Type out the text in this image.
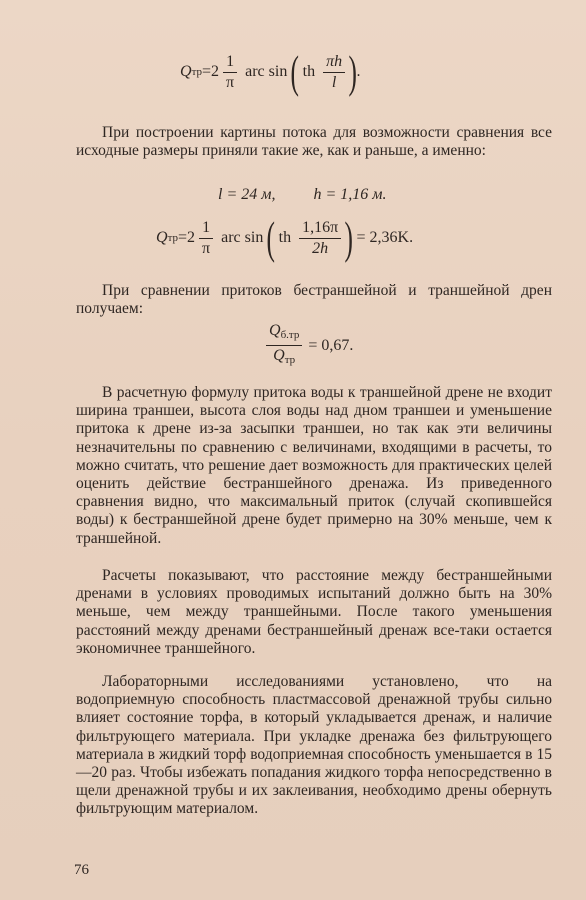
Q тр $=2 \frac{1}{\pi}$ arc sin ( th $\frac{\pi h}{l}$ ) .

При построении картины потока для возможности сравнения все исходные размеры приняли такие же, как и раньше, а именно:

l = 24 м, h = 1,16 м.
Q тр $=2 \frac{1}{\pi}$ arc sin ( th $\frac{1,16\pi}{2h}$ ) = 2,36K.

При сравнении притоков бестраншейной и траншейной дрен получаем:

$\frac{Q_{б.тр}}{Q_{тр}} = 0,67$.

В расчетную формулу притока воды к траншейной дрене не входит ширина траншеи, высота слоя воды над дном траншеи и уменьшение притока к дрене из-за засыпки траншеи, но так как эти величины незначительны по сравнению с величинами, входящими в расчеты, то можно считать, что решение дает возможность для практических целей оценить действие бестраншейного дренажа. Из приведенного сравнения видно, что максимальный приток (случай скопившейся воды) к бестраншейной дрене будет примерно на 30% меньше, чем к траншейной.

Расчеты показывают, что расстояние между бестраншейными дренами в условиях проводимых испытаний должно быть на 30% меньше, чем между траншейными. После такого уменьшения расстояний между дренами бестраншейный дренаж все-таки остается экономичнее траншейного.

Лабораторными исследованиями установлено, что на водоприемную способность пластмассовой дренажной трубы сильно влияет состояние торфа, в который укладывается дренаж, и наличие фильтрующего материала. При укладке дренажа без фильтрующего материала в жидкий торф водоприемная способность уменьшается в 15—20 раз. Чтобы избежать попадания жидкого торфа непосредственно в щели дренажной трубы и их заклеивания, необходимо дрены обернуть фильтрующим материалом.

76
